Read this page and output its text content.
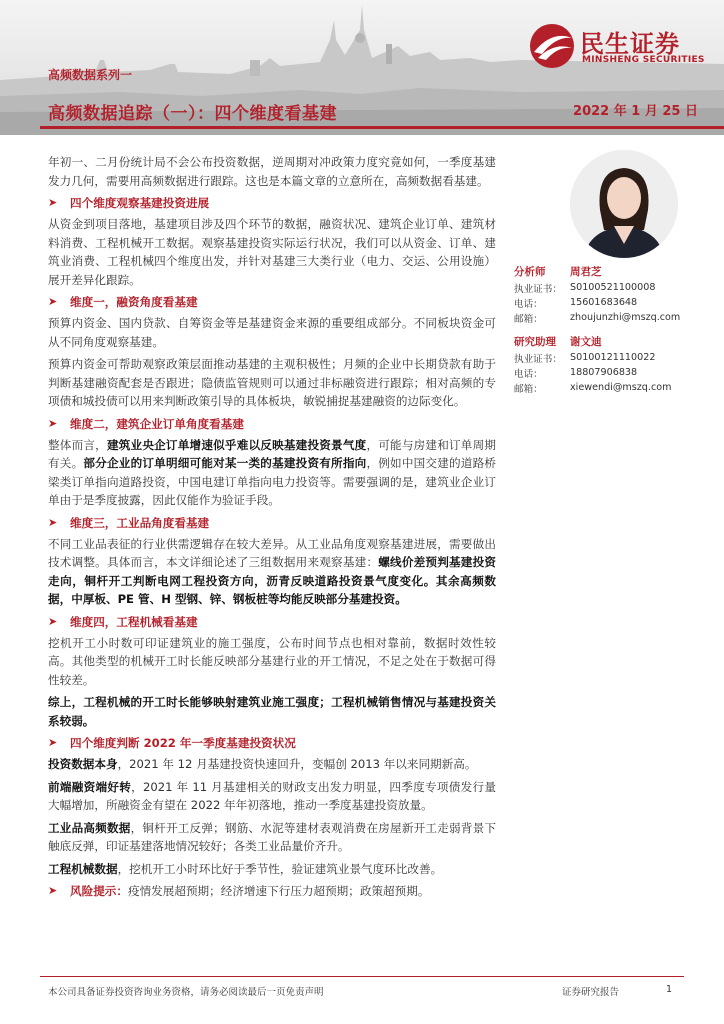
高频数据系列一
高频数据追踪（一）：四个维度看基建	2022 年 1 月 25 日
民生证券
MINSHENG SECURITIES

年初一、二月份统计局不会公布投资数据，逆周期对冲政策力度究竟如何，一季度基建发力几何，需要用高频数据进行跟踪。这也是本篇文章的立意所在，高频数据看基建。

➤	四个维度观察基建投资进展

从资金到项目落地，基建项目涉及四个环节的数据，融资状况、建筑企业订单、建筑材料消费、工程机械开工数据。观察基建投资实际运行状况，我们可以从资金、订单、建筑业消费、工程机械四个维度出发，并针对基建三大类行业（电力、交运、公用设施）展开差异化跟踪。

➤	维度一，融资角度看基建

预算内资金、国内贷款、自筹资金等是基建资金来源的重要组成部分。不同板块资金可从不同角度观察基建。

预算内资金可帮助观察政策层面推动基建的主观积极性；月频的企业中长期贷款有助于判断基建融资配套是否跟进；隐债监管规则可以通过非标融资进行跟踪；相对高频的专项债和城投债可以用来判断政策引导的具体板块，敏锐捕捉基建融资的边际变化。

➤	维度二，建筑企业订单角度看基建

整体而言，建筑业央企订单增速似乎难以反映基建投资景气度，可能与房建和订单周期有关。部分企业的订单明细可能对某一类的基建投资有所指向，例如中国交建的道路桥梁类订单指向道路投资，中国电建订单指向电力投资等。需要强调的是，建筑业企业订单由于是季度披露，因此仅能作为验证手段。

➤	维度三，工业品角度看基建

不同工业品表征的行业供需逻辑存在较大差异。从工业品角度观察基建进展，需要做出技术调整。具体而言，本文详细论述了三组数据用来观察基建：螺线价差预判基建投资走向，铜杆开工判断电网工程投资方向，沥青反映道路投资景气度变化。其余高频数据，中厚板、PE 管、H 型钢、锌、钢板桩等均能反映部分基建投资。

➤	维度四，工程机械看基建

挖机开工小时数可印证建筑业的施工强度，公布时间节点也相对靠前，数据时效性较高。其他类型的机械开工时长能反映部分基建行业的开工情况，不足之处在于数据可得性较差。

综上，工程机械的开工时长能够映射建筑业施工强度；工程机械销售情况与基建投资关系较弱。

➤	四个维度判断 2022 年一季度基建投资状况

投资数据本身，2021 年 12 月基建投资快速回升，变幅创 2013 年以来同期新高。

前端融资端好转，2021 年 11 月基建相关的财政支出发力明显，四季度专项债发行量大幅增加，所融资金有望在 2022 年年初落地，推动一季度基建投资放量。

工业品高频数据，铜杆开工反弹；钢筋、水泥等建材表观消费在房屋新开工走弱背景下触底反弹，印证基建落地情况较好；各类工业品量价齐升。

工程机械数据，挖机开工小时环比好于季节性，验证建筑业景气度环比改善。

➤	风险提示： 疫情发展超预期；经济增速下行压力超预期；政策超预期。
分析师	周君芝
执业证书： S0100521100008
电话：	15601683648
邮箱：	zhoujunzhi@mszq.com
研究助理	谢文迪
执业证书： S0100121110022
电话：	18807906838
邮箱：	xiewendi@mszq.com
本公司具备证券投资咨询业务资格，请务必阅读最后一页免责声明	证券研究报告	1
